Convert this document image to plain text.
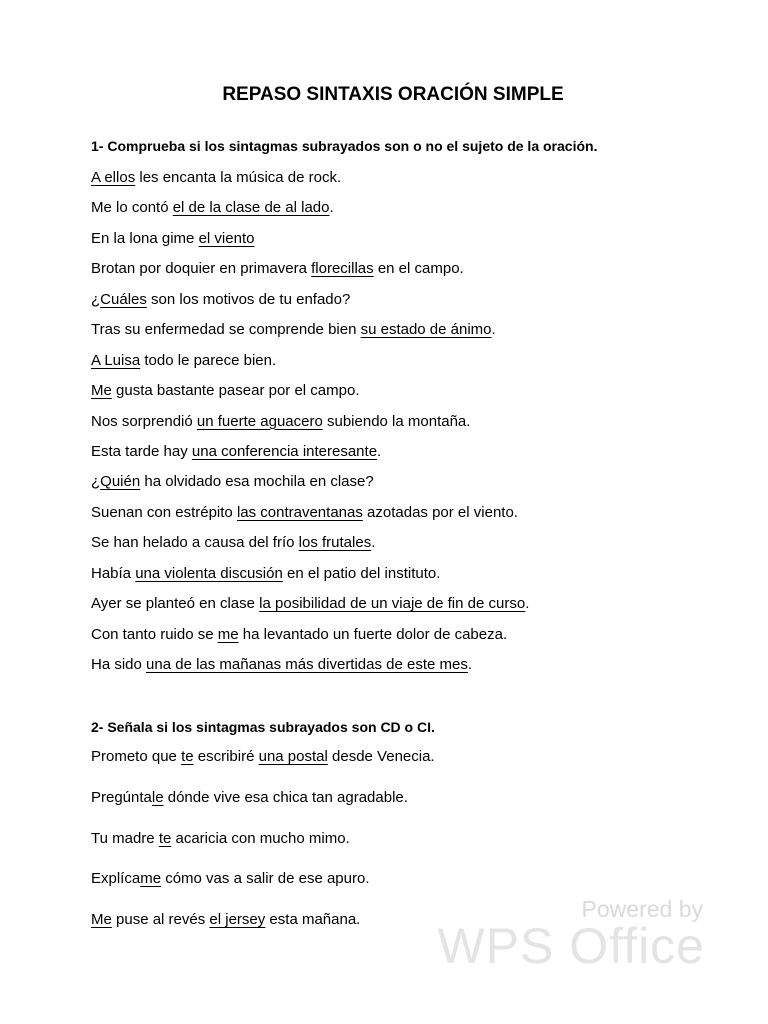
REPASO SINTAXIS ORACIÓN SIMPLE
1- Comprueba si los sintagmas subrayados son o no el sujeto de la oración.
A ellos les encanta la música de rock.
Me lo contó el de la clase de al lado.
En la lona gime el viento
Brotan por doquier en primavera florecillas en el campo.
¿Cuáles son los motivos de tu enfado?
Tras su enfermedad se comprende bien su estado de ánimo.
A Luisa todo le parece bien.
Me gusta bastante pasear por el campo.
Nos sorprendió un fuerte aguacero subiendo la montaña.
Esta tarde hay una conferencia interesante.
¿Quién ha olvidado esa mochila en clase?
Suenan con estrépito las contraventanas azotadas por el viento.
Se han helado a causa del frío los frutales.
Había una violenta discusión en el patio del instituto.
Ayer se planteó en clase la posibilidad de un viaje de fin de curso.
Con tanto ruido se me ha levantado un fuerte dolor de cabeza.
Ha sido una de las mañanas más divertidas de este mes.
2- Señala si los sintagmas subrayados son CD o CI.
Prometo que te escribiré una postal desde Venecia.
Pregúntale dónde vive esa chica tan agradable.
Tu madre te acaricia con mucho mimo.
Explícame cómo vas a salir de ese apuro.
Me puse al revés el jersey esta mañana.	Powered by
WPS Office
